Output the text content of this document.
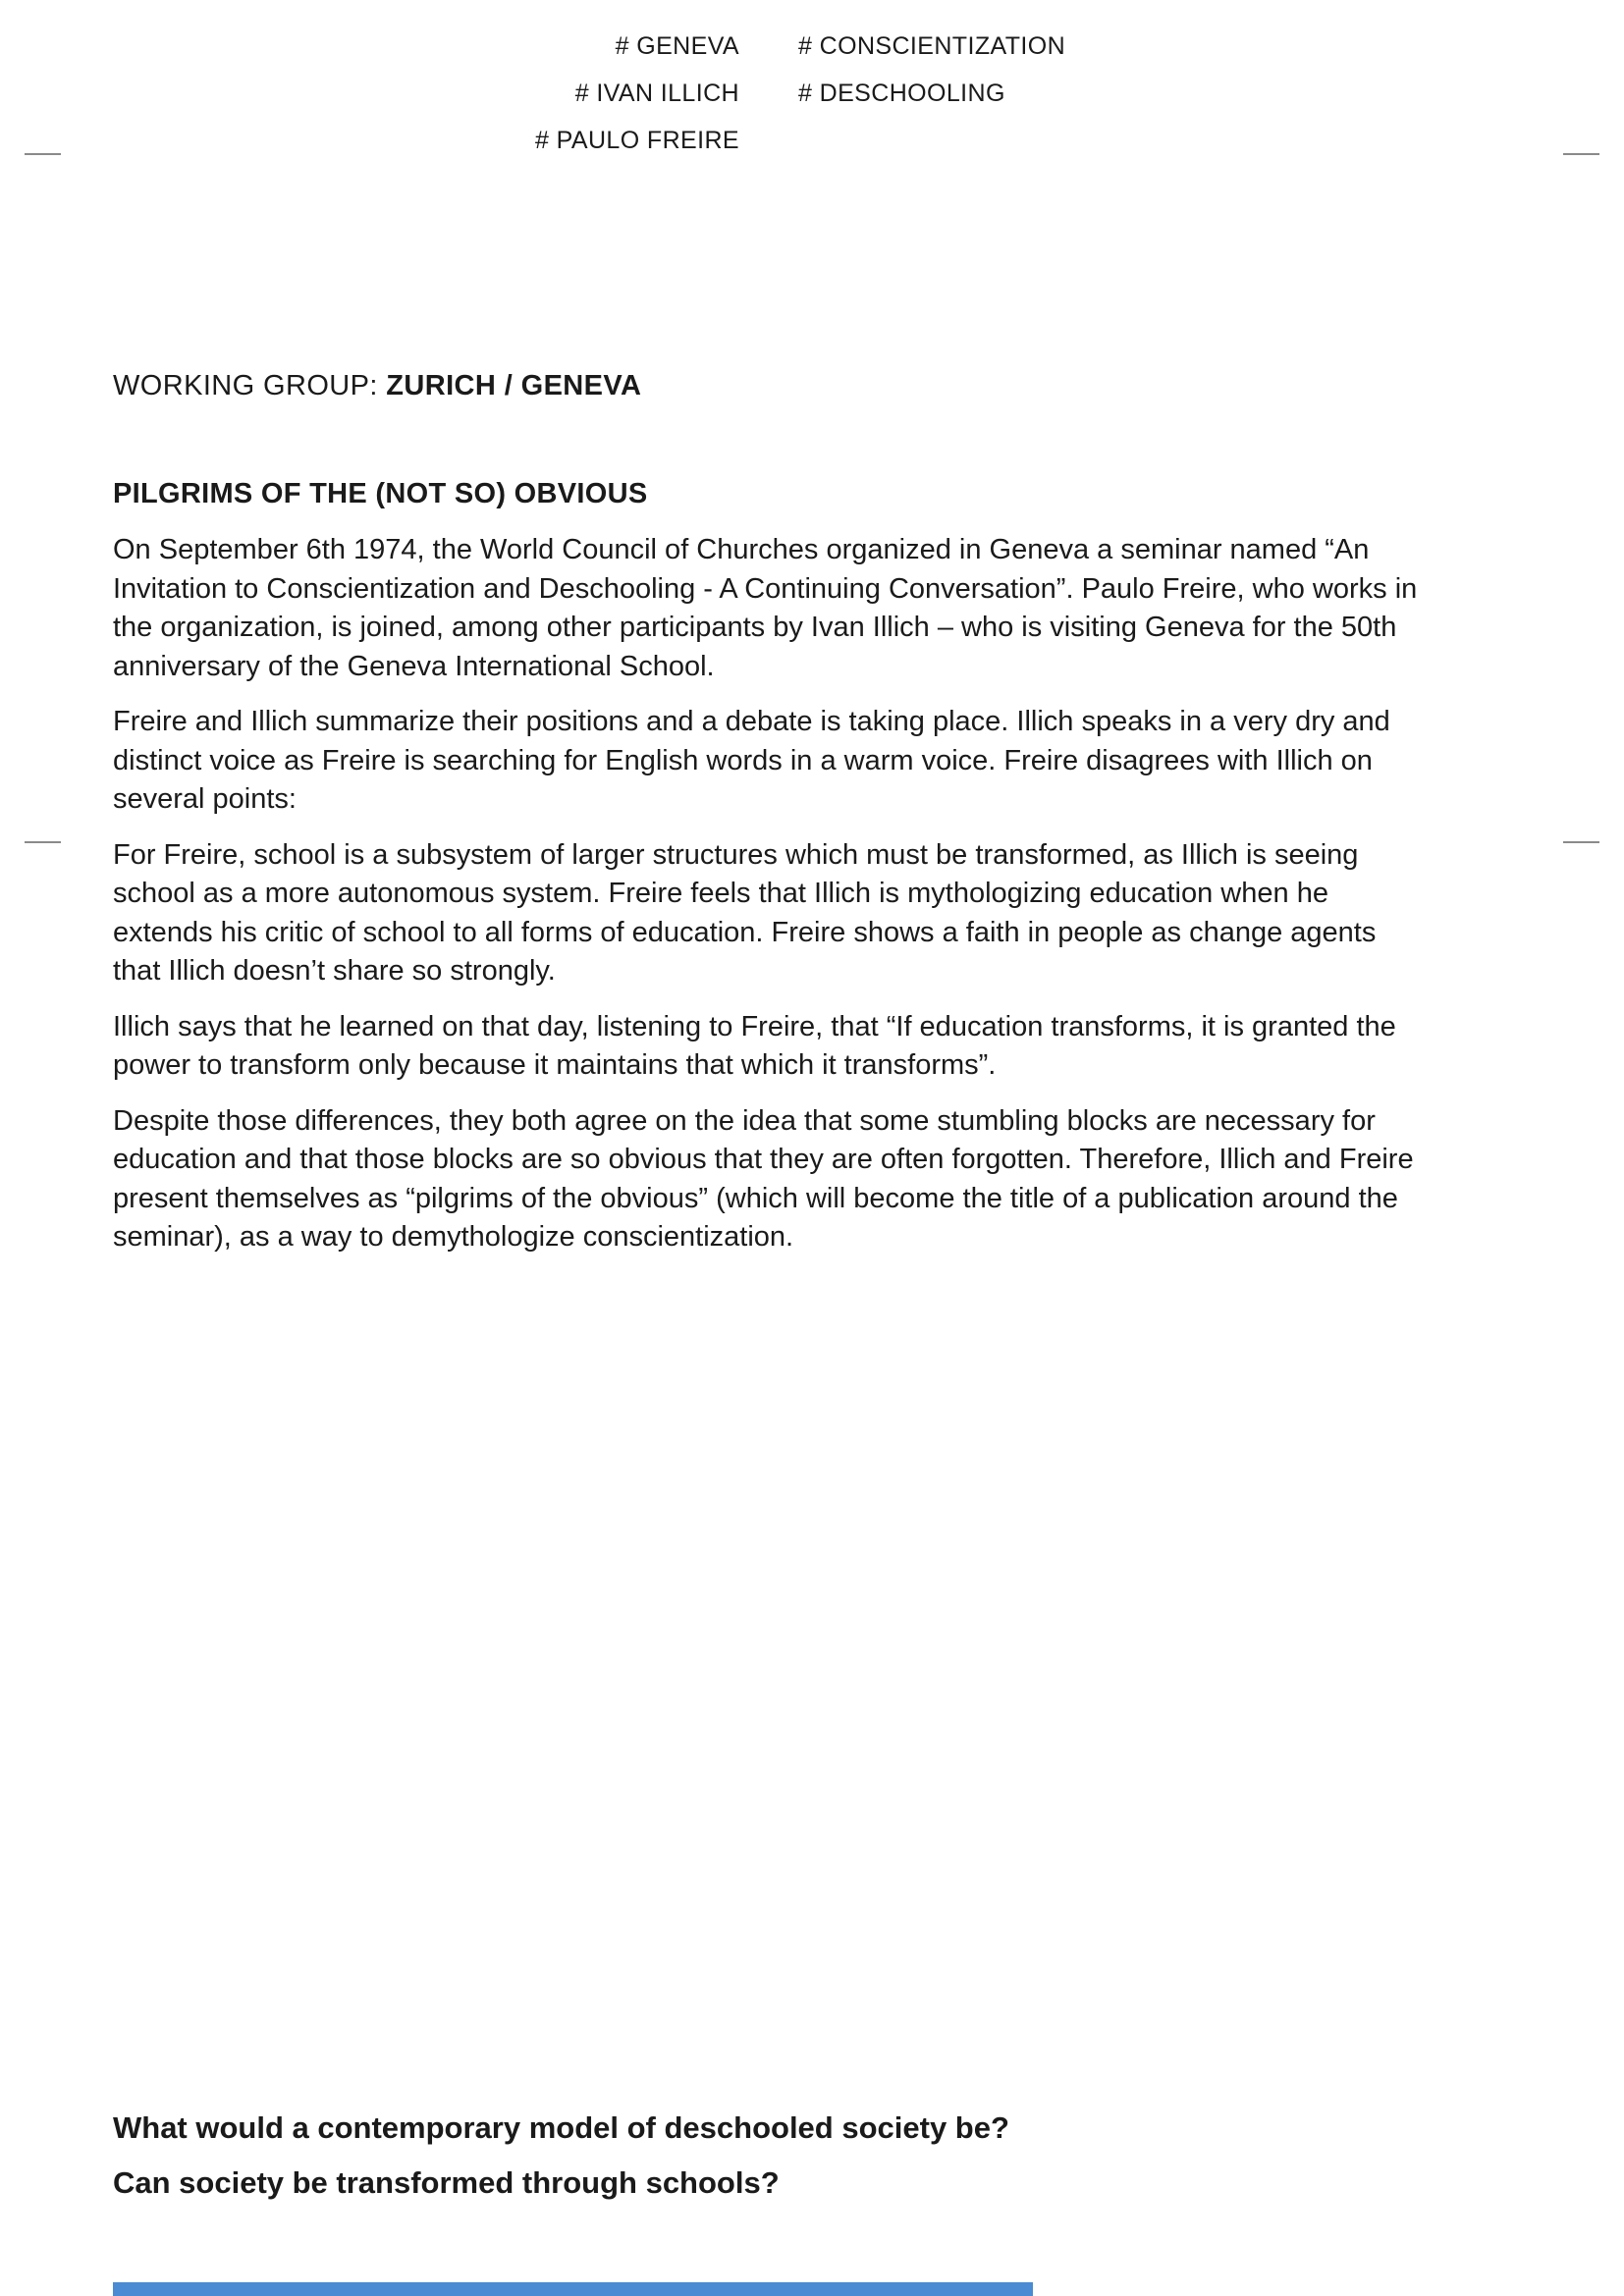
# GENEVA
# IVAN ILLICH
# PAULO FREIRE
# CONSCIENTIZATION
# DESCHOOLING
WORKING GROUP: ZURICH / GENEVA
PILGRIMS OF THE (NOT SO) OBVIOUS

On September 6th 1974, the World Council of Churches organized in Geneva a seminar named “An Invitation to Conscientization and Deschooling - A Continuing Conversation”. Paulo Freire, who works in the organization, is joined, among other participants by Ivan Illich – who is visiting Geneva for the 50th anniversary of the Geneva International School.

Freire and Illich summarize their positions and a debate is taking place. Illich speaks in a very dry and distinct voice as Freire is searching for English words in a warm voice. Freire disagrees with Illich on several points:

For Freire, school is a subsystem of larger structures which must be transformed, as Illich is seeing school as a more autonomous system. Freire feels that Illich is mythologizing education when he extends his critic of school to all forms of education. Freire shows a faith in people as change agents that Illich doesn’t share so strongly.

Illich says that he learned on that day, listening to Freire, that “If education transforms, it is granted the power to transform only because it maintains that which it transforms”.

Despite those differences, they both agree on the idea that some stumbling blocks are necessary for education and that those blocks are so obvious that they are often forgotten. Therefore, Illich and Freire present themselves as “pilgrims of the obvious” (which will become the title of a publication around the seminar), as a way to demythologize conscientization.

What would a contemporary model of deschooled society be?
Can society be transformed through schools?
